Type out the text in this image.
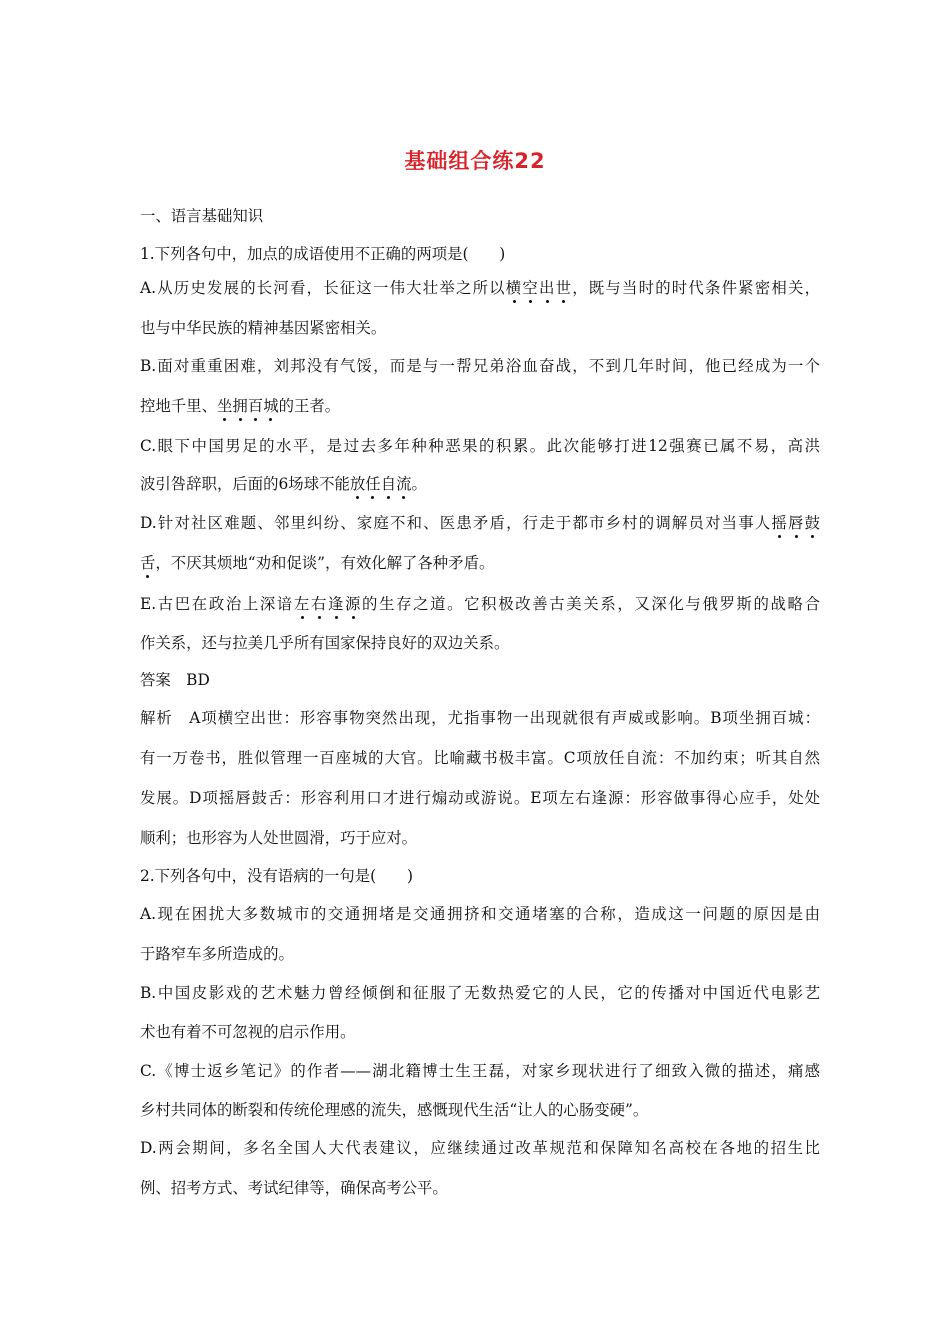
基础组合练22
一、语言基础知识
1.下列各句中，加点的成语使用不正确的两项是(　　)
A.从历史发展的长河看，长征这一伟大壮举之所以横空出世，既与当时的时代条件紧密相关，
也与中华民族的精神基因紧密相关。
B.面对重重困难，刘邦没有气馁，而是与一帮兄弟浴血奋战，不到几年时间，他已经成为一个
控地千里、坐拥百城的王者。
C.眼下中国男足的水平，是过去多年种种恶果的积累。此次能够打进12强赛已属不易，高洪
波引咎辞职，后面的6场球不能放任自流。
D.针对社区难题、邻里纠纷、家庭不和、医患矛盾，行走于都市乡村的调解员对当事人摇唇鼓
舌，不厌其烦地“劝和促谈”，有效化解了各种矛盾。
E.古巴在政治上深谙左右逢源的生存之道。它积极改善古美关系，又深化与俄罗斯的战略合
作关系，还与拉美几乎所有国家保持良好的双边关系。
答案　BD
解析　A项横空出世：形容事物突然出现，尤指事物一出现就很有声威或影响。B项坐拥百城：
有一万卷书，胜似管理一百座城的大官。比喻藏书极丰富。C项放任自流：不加约束；听其自然
发展。D项摇唇鼓舌：形容利用口才进行煽动或游说。E项左右逢源：形容做事得心应手，处处
顺利；也形容为人处世圆滑，巧于应对。
2.下列各句中，没有语病的一句是(　　)
A.现在困扰大多数城市的交通拥堵是交通拥挤和交通堵塞的合称，造成这一问题的原因是由
于路窄车多所造成的。
B.中国皮影戏的艺术魅力曾经倾倒和征服了无数热爱它的人民，它的传播对中国近代电影艺
术也有着不可忽视的启示作用。
C.《博士返乡笔记》的作者——湖北籍博士生王磊，对家乡现状进行了细致入微的描述，痛感
乡村共同体的断裂和传统伦理感的流失，感慨现代生活“让人的心肠变硬”。
D.两会期间，多名全国人大代表建议，应继续通过改革规范和保障知名高校在各地的招生比
例、招考方式、考试纪律等，确保高考公平。
